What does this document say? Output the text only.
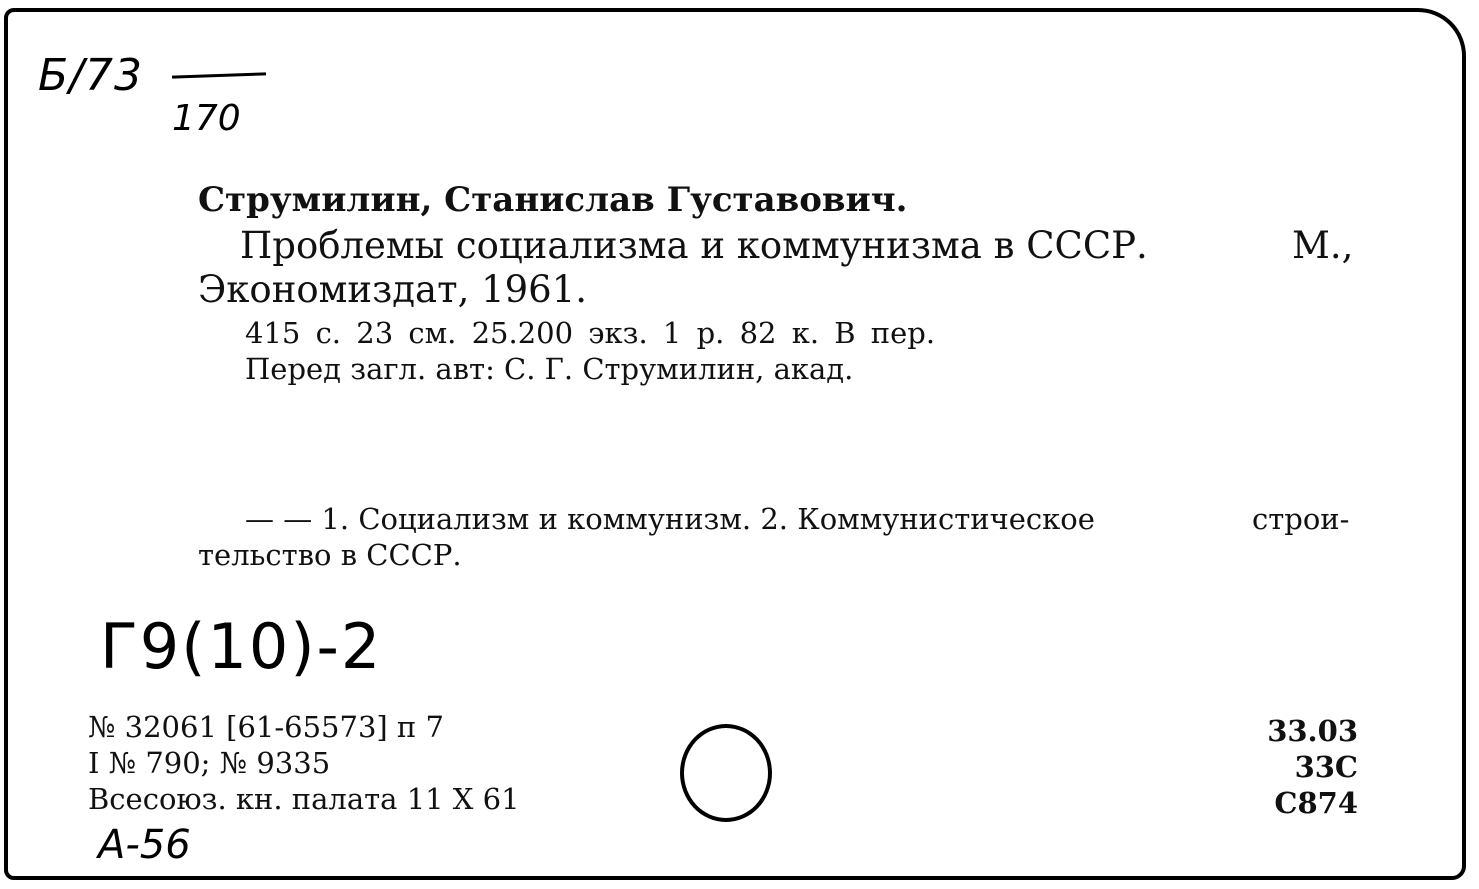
Б/73
170
Струмилин, Станислав Густавович.
Проблемы социализма и коммунизма в СССР.	М.,
Экономиздат, 1961.
415 с. 23 см. 25.200 экз. 1 р. 82 к. В пер.
Перед загл. авт: С. Г. Струмилин, акад.
— — 1. Социализм и коммунизм. 2. Коммунистическое	строи-
тельство в СССР.
Г9(10)-2
№ 32061 [61-65573] п 7
I № 790; № 9335
Всесоюз. кн. палата 11 X 61
33.03
33С
С874
А-56
